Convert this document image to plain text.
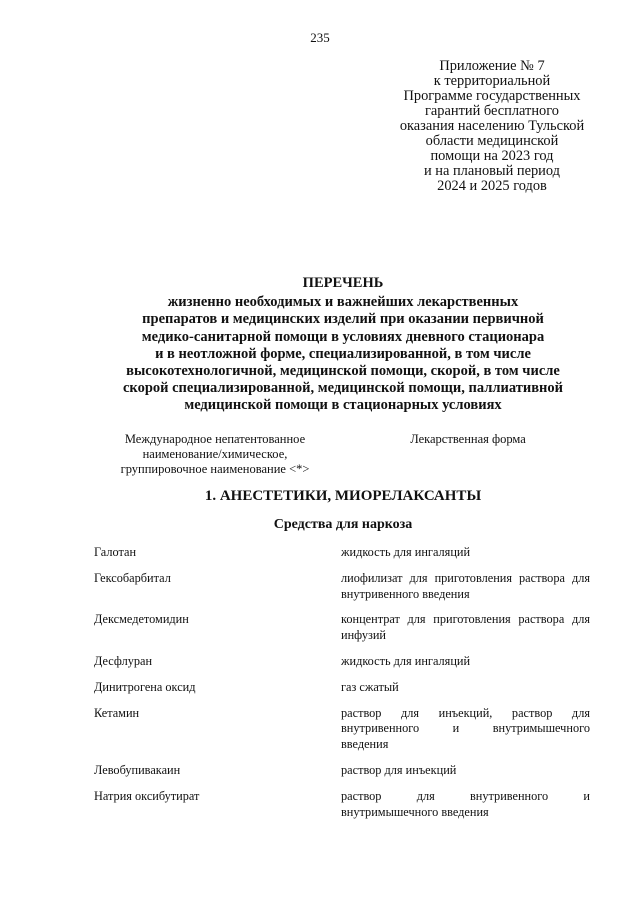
235
Приложение № 7
к территориальной
Программе государственных
гарантий бесплатного
оказания населению Тульской
области медицинской
помощи на 2023 год
и на плановый период
2024 и 2025 годов
ПЕРЕЧЕНЬ
жизненно необходимых и важнейших лекарственных
препаратов и медицинских изделий при оказании первичной
медико-санитарной помощи в условиях дневного стационара
и в неотложной форме, специализированной, в том числе
высокотехнологичной, медицинской помощи, скорой, в том числе
скорой специализированной, медицинской помощи, паллиативной
медицинской помощи в стационарных условиях
Международное непатентованное
наименование/химическое,
группировочное наименование <*>
Лекарственная форма
1. АНЕСТЕТИКИ, МИОРЕЛАКСАНТЫ
Средства для наркоза
Галотан	жидкость для ингаляций
Гексобарбитал	лиофилизат для приготовления раствора для
внутривенного введения
Дексмедетомидин	концентрат для приготовления раствора для
инфузий
Десфлуран	жидкость для ингаляций
Динитрогена оксид	газ сжатый
Кетамин	раствор для инъекций, раствор для
внутривенного и внутримышечного
введения
Левобупивакаин	раствор для инъекций
Натрия оксибутират	раствор для внутривенного и
внутримышечного введения
